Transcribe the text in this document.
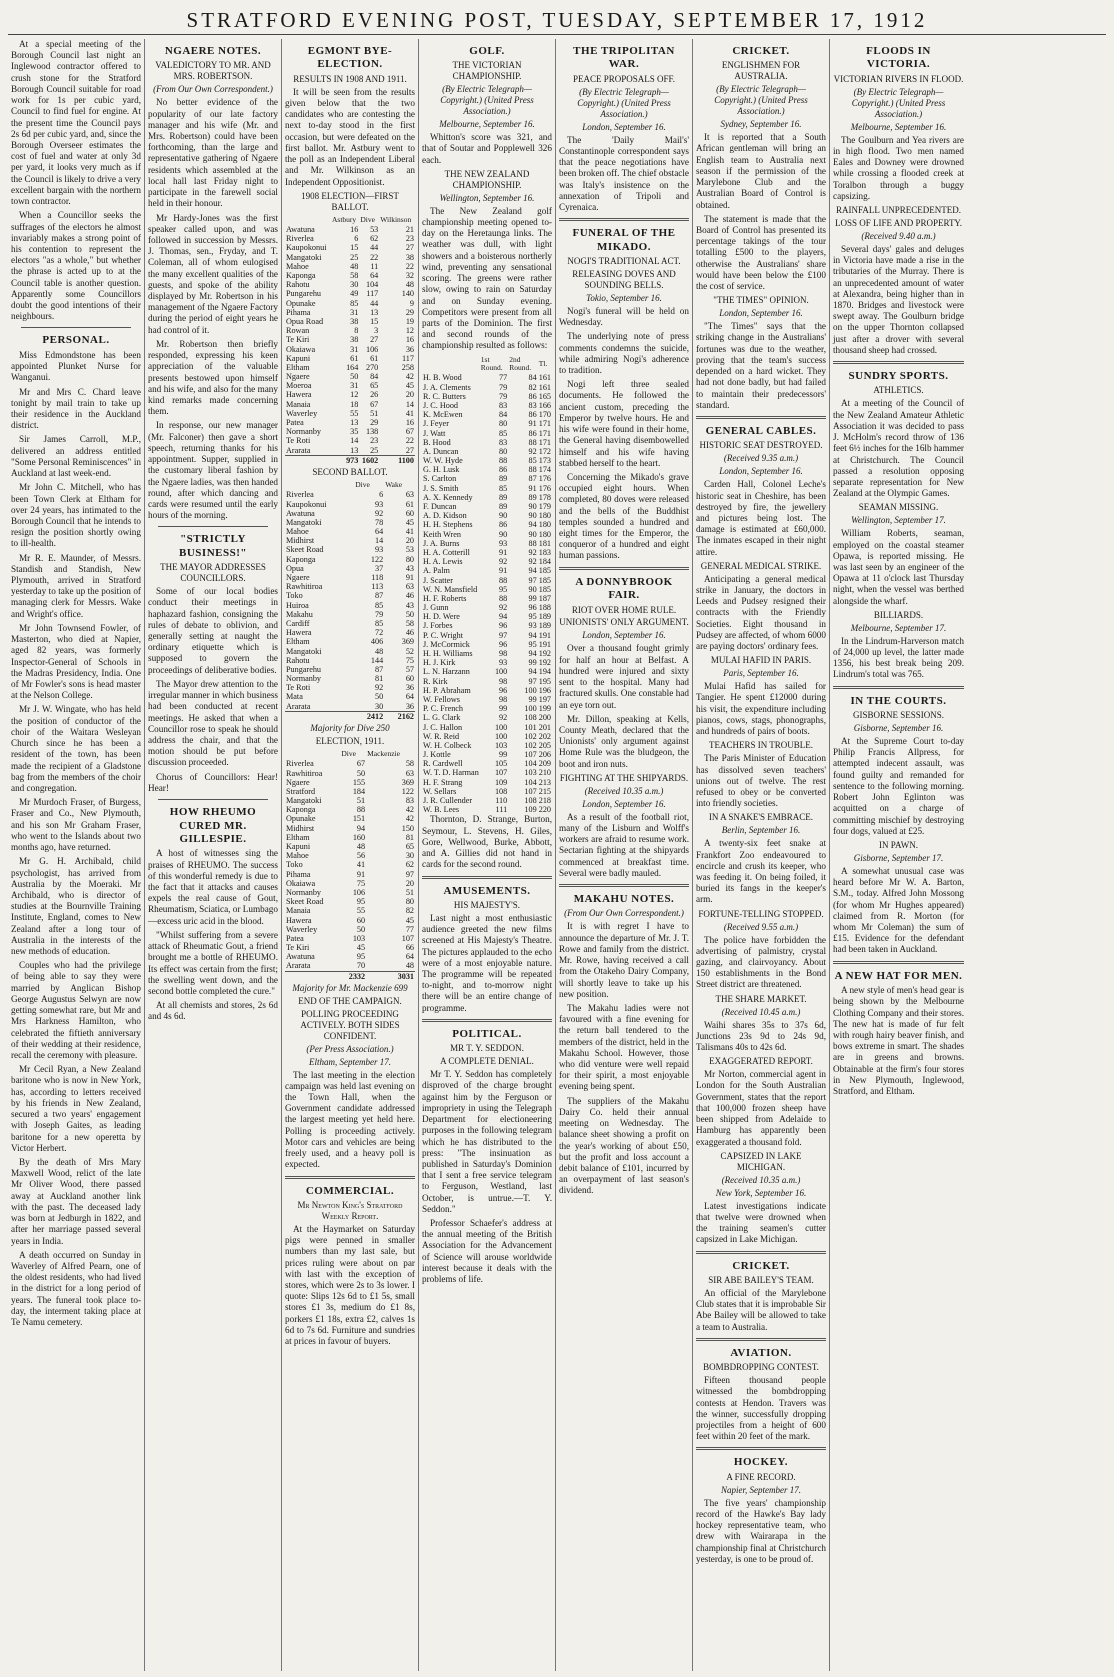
STRATFORD EVENING POST, TUESDAY, SEPTEMBER 17, 1912

At a special meeting of the Borough Council last night an Inglewood contractor offered to crush stone for the Stratford Borough Council suitable for road work for 1s per cubic yard, Council to find fuel for engine. At the present time the Council pays 2s 6d per cubic yard, and, since the Borough Overseer estimates the cost of fuel and water at only 3d per yard, it looks very much as if the Council is likely to drive a very excellent bargain with the northern town contractor.

When a Councillor seeks the suffrages of the electors he almost invariably makes a strong point of his contention to represent the electors "as a whole," but whether the phrase is acted up to at the Council table is another question. Apparently some Councillors doubt the good intentions of their neighbours.

PERSONAL.

Miss Edmondstone has been appointed Plunket Nurse for Wanganui.

Mr and Mrs C. Chard leave tonight by mail train to take up their residence in the Auckland district.

Sir James Carroll, M.P., delivered an address entitled "Some Personal Reminiscences" in Auckland at last week-end.

Mr John C. Mitchell, who has been Town Clerk at Eltham for over 24 years, has intimated to the Borough Council that he intends to resign the position shortly owing to ill-health.

Mr R. E. Maunder, of Messrs. Standish and Standish, New Plymouth, arrived in Stratford yesterday to take up the position of managing clerk for Messrs. Wake and Wright's office.

Mr John Townsend Fowler, of Masterton, who died at Napier, aged 82 years, was formerly Inspector-General of Schools in the Madras Presidency, India. One of Mr Fowler's sons is head master at the Nelson College.

Mr J. W. Wingate, who has held the position of conductor of the choir of the Waitara Wesleyan Church since he has been a resident of the town, has been made the recipient of a Gladstone bag from the members of the choir and congregation.

Mr Murdoch Fraser, of Burgess, Fraser and Co., New Plymouth, and his son Mr Graham Fraser, who went to the Islands about two months ago, have returned.

Mr G. H. Archibald, child psychologist, has arrived from Australia by the Moeraki. Mr Archibald, who is director of studies at the Bournville Training Institute, England, comes to New Zealand after a long tour of Australia in the interests of the new methods of education.

Couples who had the privilege of being able to say they were married by Anglican Bishop George Augustus Selwyn are now getting somewhat rare, but Mr and Mrs Harkness Hamilton, who celebrated the fiftieth anniversary of their wedding at their residence, recall the ceremony with pleasure.

Mr Cecil Ryan, a New Zealand baritone who is now in New York, has, according to letters received by his friends in New Zealand, secured a two years' engagement with Joseph Gaites, as leading baritone for a new operetta by Victor Herbert.

By the death of Mrs Mary Maxwell Wood, relict of the late Mr Oliver Wood, there passed away at Auckland another link with the past. The deceased lady was born at Jedburgh in 1822, and after her marriage passed several years in India.

A death occurred on Sunday in Waverley of Alfred Pearn, one of the oldest residents, who had lived in the district for a long period of years. The funeral took place to-day, the interment taking place at Te Namu cemetery.

NGAERE NOTES.
VALEDICTORY TO MR. AND MRS. ROBERTSON.
(From Our Own Correspondent.)

No better evidence of the popularity of our late factory manager and his wife (Mr. and Mrs. Robertson) could have been forthcoming, than the large and representative gathering of Ngaere residents which assembled at the local hall last Friday night to participate in the farewell social held in their honour.

Mr Hardy-Jones was the first speaker called upon, and was followed in succession by Messrs. J. Thomas, sen., Fryday, and T. Coleman, all of whom eulogised the many excellent qualities of the guests, and spoke of the ability displayed by Mr. Robertson in his management of the Ngaere Factory during the period of eight years he had control of it.

Mr. Robertson then briefly responded, expressing his keen appreciation of the valuable presents bestowed upon himself and his wife, and also for the many kind remarks made concerning them.

In response, our new manager (Mr. Falconer) then gave a short speech, returning thanks for his appointment. Supper, supplied in the customary liberal fashion by the Ngaere ladies, was then handed round, after which dancing and cards were resumed until the early hours of the morning.

"STRICTLY BUSINESS!"
THE MAYOR ADDRESSES COUNCILLORS.

Some of our local bodies conduct their meetings in haphazard fashion, consigning the rules of debate to oblivion, and generally setting at naught the ordinary etiquette which is supposed to govern the proceedings of deliberative bodies.

The Mayor drew attention to the irregular manner in which business had been conducted at recent meetings. He asked that when a Councillor rose to speak he should address the chair, and that the motion should be put before discussion proceeded.

Chorus of Councillors: Hear! Hear!

HOW RHEUMO CURED MR. GILLESPIE.

A host of witnesses sing the praises of RHEUMO. The success of this wonderful remedy is due to the fact that it attacks and causes expels the real cause of Gout, Rheumatism, Sciatica, or Lumbago—excess uric acid in the blood.

"Whilst suffering from a severe attack of Rheumatic Gout, a friend brought me a bottle of RHEUMO. Its effect was certain from the first; the swelling went down, and the second bottle completed the cure."

At all chemists and stores, 2s 6d and 4s 6d.

EGMONT BYE-ELECTION.
RESULTS IN 1908 AND 1911.

It will be seen from the results given below that the two candidates who are contesting the next to-day stood in the first occasion, but were defeated on the first ballot. Mr. Astbury went to the poll as an Independent Liberal and Mr. Wilkinson as an Independent Oppositionist.

1908 ELECTION—FIRST BALLOT.
	Astbury	Dive	Wilkinson
Awatuna	16	53	21
Riverlea	6	62	23
Kaupokonui	15	44	27
Mangatoki	25	22	38
Mahoe	48	11	22
Kaponga	58	64	32
Rahotu	30	104	48
Pungarehu	49	117	140
Opunake	85	44	9
Pihama	31	13	29
Opua Road	38	15	19
Rowan	8	3	12
Te Kiri	38	27	16
Okaiawa	31	106	36
Kapuni	61	61	117
Eltham	164	270	258
Ngaere	50	84	42
Moeroa	31	65	45
Hawera	12	26	20
Manaia	18	67	14
Waverley	55	51	41
Patea	13	29	16
Normanby	35	138	67
Te Roti	14	23	22
Ararata	13	25	27
	973	1602	1100
SECOND BALLOT.
	Dive	Wake
Riverlea	6	63
Kaupokonui	93	61
Awatuna	92	60
Mangatoki	78	45
Mahoe	64	41
Midhirst	14	20
Skeet Road	93	53
Kaponga	122	80
Opua	37	43
Ngaere	118	91
Rawhitiroa	113	63
Toko	87	46
Huiroa	85	43
Makahu	79	50
Cardiff	85	58
Hawera	72	46
Eltham	406	369
Mangatoki	48	52
Rahotu	144	75
Pungarehu	87	57
Normanby	81	60
Te Roti	92	36
Mata	50	64
Ararata	30	36
	2412	2162
Majority for Dive 250
ELECTION, 1911.
	Dive	Mackenzie
Riverlea	67	58
Rawhitiroa	50	63
Ngaere	155	369
Stratford	184	122
Mangatoki	51	83
Kaponga	88	42
Opunake	151	42
Midhirst	94	150
Eltham	160	81
Kapuni	48	65
Mahoe	56	30
Toko	41	62
Pihama	91	97
Okaiawa	75	20
Normanby	106	51
Skeet Road	95	80
Manaia	55	82
Hawera	60	45
Waverley	50	77
Patea	103	107
Te Kiri	45	66
Awatuna	95	64
Ararata	70	48
	2332	3031
Majority for Mr. Mackenzie 699
END OF THE CAMPAIGN.
POLLING PROCEEDING ACTIVELY. BOTH SIDES CONFIDENT.
(Per Press Association.)
Eltham, September 17.

The last meeting in the election campaign was held last evening on the Town Hall, when the Government candidate addressed the largest meeting yet held here. Polling is proceeding actively. Motor cars and vehicles are being freely used, and a heavy poll is expected.

COMMERCIAL.
Mr Newton King's Stratford Weekly Report.

At the Haymarket on Saturday pigs were penned in smaller numbers than my last sale, but prices ruling were about on par with last with the exception of stores, which were 2s to 3s lower. I quote: Slips 12s 6d to £1 5s, small stores £1 3s, medium do £1 8s, porkers £1 18s, extra £2, calves 1s 6d to 7s 6d. Furniture and sundries at prices in favour of buyers.

GOLF.
THE VICTORIAN CHAMPIONSHIP.
(By Electric Telegraph—Copyright.) (United Press Association.)
Melbourne, September 16.

Whitton's score was 321, and that of Soutar and Popplewell 326 each.

THE NEW ZEALAND CHAMPIONSHIP.
Wellington, September 16.

The New Zealand golf championship meeting opened to-day on the Heretaunga links. The weather was dull, with light showers and a boisterous northerly wind, preventing any sensational scoring. The greens were rather slow, owing to rain on Saturday and on Sunday evening. Competitors were present from all parts of the Dominion. The first and second rounds of the championship resulted as follows:

	1st Round.	2nd Round.	Tl.
H. B. Wood	77	84	161
J. A. Clements	79	82	161
R. C. Butters	79	86	165
J. C. Hood	83	83	166
K. McEwen	84	86	170
J. Feyer	80	91	171
J. Watt	85	86	171
B. Hood	83	88	171
A. Duncan	80	92	172
W. W. Hyde	88	85	173
G. H. Lusk	86	88	174
S. Carlton	89	87	176
J. S. Smith	85	91	176
A. X. Kennedy	89	89	178
F. Duncan	89	90	179
A. D. Kidson	90	90	180
H. H. Stephens	86	94	180
Keith Wren	90	90	180
J. A. Burns	93	88	181
H. A. Cotterill	91	92	183
H. A. Lewis	92	92	184
A. Palm	91	94	185
J. Scatter	88	97	185
W. N. Mansfield	95	90	185
H. F. Roberts	88	99	187
J. Gunn	92	96	188
H. D. Were	94	95	189
J. Forbes	96	93	189
P. C. Wright	97	94	191
J. McCormick	96	95	191
H. H. Williams	98	94	192
H. J. Kirk	93	99	192
L. N. Harzann	100	94	194
R. Kirk	98	97	195
H. P. Abraham	96	100	196
W. Fellows	98	99	197
P. C. French	99	100	199
L. G. Clark	92	108	200
J. C. Hallon	100	101	201
W. R. Reid	100	102	202
W. H. Colbeck	103	102	205
J. Kottle	99	107	206
R. Cardwell	105	104	209
W. T. D. Harman	107	103	210
H. F. Strang	109	104	213
W. Sellars	108	107	215
J. R. Cullender	110	108	218
W. B. Lees	111	109	220

Thornton, D. Strange, Burton, Seymour, L. Stevens, H. Giles, Gore, Wellwood, Burke, Abbott, and A. Gillies did not hand in cards for the second round.

AMUSEMENTS.
HIS MAJESTY'S.

Last night a most enthusiastic audience greeted the new films screened at His Majesty's Theatre. The pictures applauded to the echo were of a most enjoyable nature. The programme will be repeated to-night, and to-morrow night there will be an entire change of programme.

POLITICAL.
MR T. Y. SEDDON.
A COMPLETE DENIAL.

Mr T. Y. Seddon has completely disproved of the charge brought against him by the Ferguson or impropriety in using the Telegraph Department for electioneering purposes in the following telegram which he has distributed to the press: "The insinuation as published in Saturday's Dominion that I sent a free service telegram to Ferguson, Westland, last October, is untrue.—T. Y. Seddon."

Professor Schaefer's address at the annual meeting of the British Association for the Advancement of Science will arouse worldwide interest because it deals with the problems of life.

THE TRIPOLITAN WAR.
PEACE PROPOSALS OFF.
(By Electric Telegraph—Copyright.) (United Press Association.)
London, September 16.

The 'Daily Mail's' Constantinople correspondent says that the peace negotiations have been broken off. The chief obstacle was Italy's insistence on the annexation of Tripoli and Cyrenaica.

FUNERAL OF THE MIKADO.
NOGI'S TRADITIONAL ACT.
RELEASING DOVES AND SOUNDING BELLS.
Tokio, September 16.

Nogi's funeral will be held on Wednesday.

The underlying note of press comments condemns the suicide, while admiring Nogi's adherence to tradition.

Nogi left three sealed documents. He followed the ancient custom, preceding the Emperor by twelve hours. He and his wife were found in their home, the General having disembowelled himself and his wife having stabbed herself to the heart.

Concerning the Mikado's grave occupied eight hours. When completed, 80 doves were released and the bells of the Buddhist temples sounded a hundred and eight times for the Emperor, the conqueror of a hundred and eight human passions.

A DONNYBROOK FAIR.
RIOT OVER HOME RULE.
UNIONISTS' ONLY ARGUMENT.
London, September 16.

Over a thousand fought grimly for half an hour at Belfast. A hundred were injured and sixty sent to the hospital. Many had fractured skulls. One constable had an eye torn out.

Mr. Dillon, speaking at Kells, County Meath, declared that the Unionists' only argument against Home Rule was the bludgeon, the boot and iron nuts.

FIGHTING AT THE SHIPYARDS.
(Received 10.35 a.m.)
London, September 16.

As a result of the football riot, many of the Lisburn and Wolff's workers are afraid to resume work. Sectarian fighting at the shipyards commenced at breakfast time. Several were badly mauled.

MAKAHU NOTES.
(From Our Own Correspondent.)

It is with regret I have to announce the departure of Mr. J. T. Rowe and family from the district. Mr. Rowe, having received a call from the Otakeho Dairy Company, will shortly leave to take up his new position.

The Makahu ladies were not favoured with a fine evening for the return ball tendered to the members of the district, held in the Makahu School. However, those who did venture were well repaid for their spirit, a most enjoyable evening being spent.

The suppliers of the Makahu Dairy Co. held their annual meeting on Wednesday. The balance sheet showing a profit on the year's working of about £50, but the profit and loss account a debit balance of £101, incurred by an overpayment of last season's dividend.

CRICKET.
ENGLISHMEN FOR AUSTRALIA.
(By Electric Telegraph—Copyright.) (United Press Association.)
Sydney, September 16.

It is reported that a South African gentleman will bring an English team to Australia next season if the permission of the Marylebone Club and the Australian Board of Control is obtained.

The statement is made that the Board of Control has presented its percentage takings of the tour totalling £500 to the players, otherwise the Australians' share would have been below the £100 the cost of service.

"THE TIMES" OPINION.
London, September 16.

"The Times" says that the striking change in the Australians' fortunes was due to the weather, proving that the team's success depended on a hard wicket. They had not done badly, but had failed to maintain their predecessors' standard.

GENERAL CABLES.
HISTORIC SEAT DESTROYED.
(Received 9.35 a.m.)
London, September 16.

Carden Hall, Colonel Leche's historic seat in Cheshire, has been destroyed by fire, the jewellery and pictures being lost. The damage is estimated at £60,000. The inmates escaped in their night attire.

GENERAL MEDICAL STRIKE.

Anticipating a general medical strike in January, the doctors in Leeds and Pudsey resigned their contracts with the Friendly Societies. Eight thousand in Pudsey are affected, of whom 6000 are paying doctors' ordinary fees.

MULAI HAFID IN PARIS.
Paris, September 16.

Mulai Hafid has sailed for Tangier. He spent £12000 during his visit, the expenditure including pianos, cows, stags, phonographs, and hundreds of pairs of boots.

TEACHERS IN TROUBLE.

The Paris Minister of Education has dissolved seven teachers' unions out of twelve. The rest refused to obey or be converted into friendly societies.

IN A SNAKE'S EMBRACE.
Berlin, September 16.

A twenty-six feet snake at Frankfort Zoo endeavoured to encircle and crush its keeper, who was feeding it. On being foiled, it buried its fangs in the keeper's arm.

FORTUNE-TELLING STOPPED.
(Received 9.55 a.m.)

The police have forbidden the advertising of palmistry, crystal gazing, and clairvoyancy. About 150 establishments in the Bond Street district are threatened.

THE SHARE MARKET.
(Received 10.45 a.m.)

Waihi shares 35s to 37s 6d, Junctions 23s 9d to 24s 9d, Talismans 40s to 42s 6d.

EXAGGERATED REPORT.

Mr Norton, commercial agent in London for the South Australian Government, states that the report that 100,000 frozen sheep have been shipped from Adelaide to Hamburg has apparently been exaggerated a thousand fold.

CAPSIZED IN LAKE MICHIGAN.
(Received 10.35 a.m.)
New York, September 16.

Latest investigations indicate that twelve were drowned when the training seamen's cutter capsized in Lake Michigan.

CRICKET.
SIR ABE BAILEY'S TEAM.

An official of the Marylebone Club states that it is improbable Sir Abe Bailey will be allowed to take a team to Australia.

AVIATION.
BOMBDROPPING CONTEST.

Fifteen thousand people witnessed the bombdropping contests at Hendon. Travers was the winner, successfully dropping projectiles from a height of 600 feet within 20 feet of the mark.

HOCKEY.
A FINE RECORD.
Napier, September 17.

The five years' championship record of the Hawke's Bay lady hockey representative team, who drew with Wairarapa in the championship final at Christchurch yesterday, is one to be proud of.

FLOODS IN VICTORIA.
VICTORIAN RIVERS IN FLOOD.
(By Electric Telegraph—Copyright.) (United Press Association.)
Melbourne, September 16.

The Goulburn and Yea rivers are in high flood. Two men named Eales and Downey were drowned while crossing a flooded creek at Toralbon through a buggy capsizing.

RAINFALL UNPRECEDENTED.
LOSS OF LIFE AND PROPERTY.
(Received 9.40 a.m.)

Several days' gales and deluges in Victoria have made a rise in the tributaries of the Murray. There is an unprecedented amount of water at Alexandra, being higher than in 1870. Bridges and livestock were swept away. The Goulburn bridge on the upper Thornton collapsed just after a drover with several thousand sheep had crossed.

SUNDRY SPORTS.
ATHLETICS.

At a meeting of the Council of the New Zealand Amateur Athletic Association it was decided to pass J. McHolm's record throw of 136 feet 6½ inches for the 16lb hammer at Christchurch. The Council passed a resolution opposing separate representation for New Zealand at the Olympic Games.

SEAMAN MISSING.
Wellington, September 17.

William Roberts, seaman, employed on the coastal steamer Opawa, is reported missing. He was last seen by an engineer of the Opawa at 11 o'clock last Thursday night, when the vessel was berthed alongside the wharf.

BILLIARDS.
Melbourne, September 17.

In the Lindrum-Harverson match of 24,000 up level, the latter made 1356, his best break being 209. Lindrum's total was 765.

IN THE COURTS.
GISBORNE SESSIONS.
Gisborne, September 16.

At the Supreme Court to-day Philip Francis Allpress, for attempted indecent assault, was found guilty and remanded for sentence to the following morning. Robert John Eglinton was acquitted on a charge of committing mischief by destroying four dogs, valued at £25.

IN PAWN.
Gisborne, September 17.

A somewhat unusual case was heard before Mr W. A. Barton, S.M., today. Alfred John Mossong (for whom Mr Hughes appeared) claimed from R. Morton (for whom Mr Coleman) the sum of £15. Evidence for the defendant had been taken in Auckland.

A NEW HAT FOR MEN.

A new style of men's head gear is being shown by the Melbourne Clothing Company and their stores. The new hat is made of fur felt with rough hairy beaver finish, and bows extreme in smart. The shades are in greens and browns. Obtainable at the firm's four stores in New Plymouth, Inglewood, Stratford, and Eltham.
